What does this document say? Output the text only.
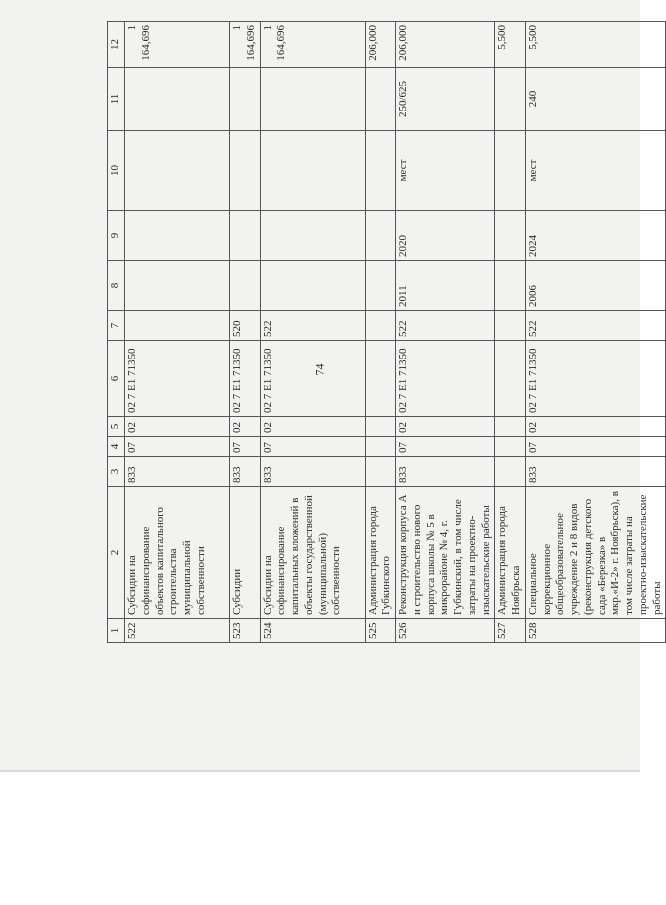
74
1	2	3	4	5	6	7	8	9	10	11	12
522	Субсидии на софинансирование объектов капитального строительства муниципальной собственности	833	07	02	02 7 E1 71350						1 164,696
523	Субсидии	833	07	02	02 7 E1 71350	520					1 164,696
524	Субсидии на софинансирование капитальных вложений в объекты государственной (муниципальной) собственности	833	07	02	02 7 E1 71350	522					1 164,696
525	Администрация города Губкинского										206,000
526	Реконструкция корпуса А и строительство нового корпуса школы № 5 в микрорайоне № 4, г. Губкинский, в том числе затраты на проектно-изыскательские работы	833	07	02	02 7 E1 71350	522	2011	2020	мест	250/625	206,000
527	Администрация города Ноябрьска										5,500
528	Специальное коррекционное общеобразовательное учреждение 2 и 8 видов (реконструкция детского сада «Березка» в мкр.«И-2» г. Ноябрьска), в том числе затраты на проектно-изыскательские работы	833	07	02	02 7 E1 71350	522	2006	2024	мест	240	5,500
